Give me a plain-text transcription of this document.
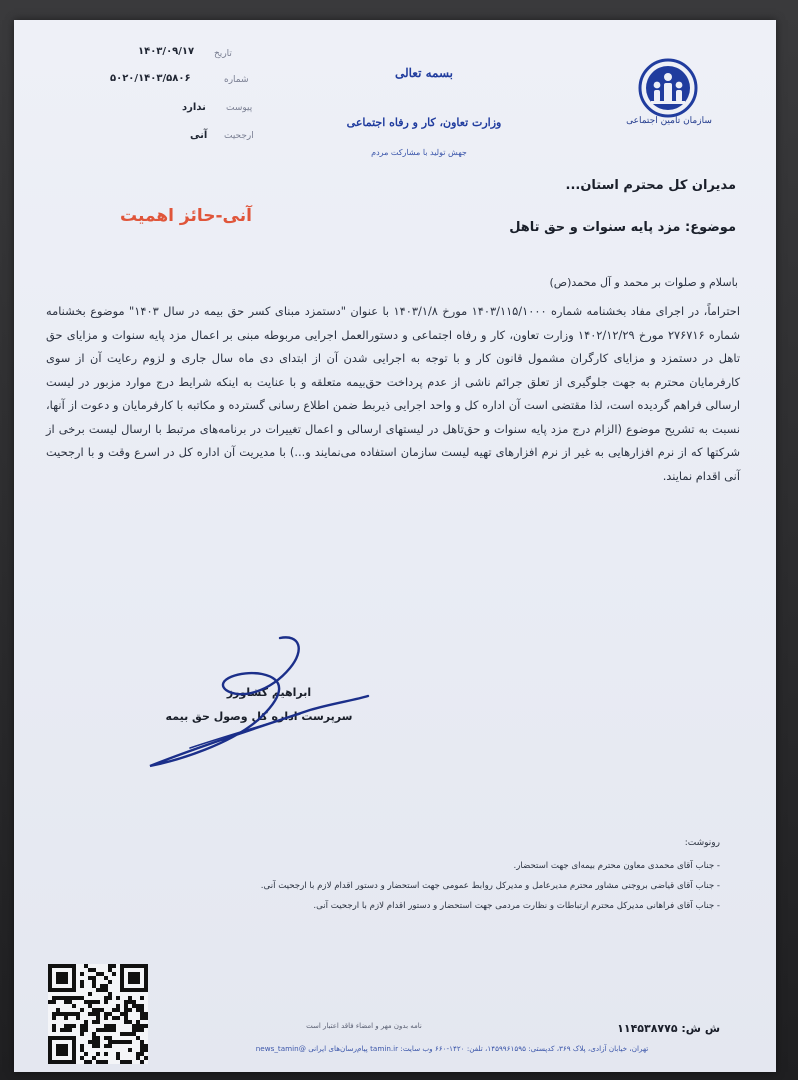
سازمان تامین اجتماعی
بسمه تعالی
وزارت تعاون، کار و رفاه اجتماعی
جهش تولید با مشارکت مردم
تاریخ
۱۴۰۳/۰۹/۱۷
شماره
۵۰۲۰/۱۴۰۳/۵۸۰۶
پیوست
ندارد
ارجحیت
آنی
مدیران کل محترم استان...
موضوع: مزد پایه سنوات و حق تاهل
آنی-حائز اهمیت
باسلام و صلوات بر محمد و آل محمد(ص)
احتراماً، در اجرای مفاد بخشنامه شماره ۱۴۰۳/۱۱۵/۱۰۰۰ مورخ ۱۴۰۳/۱/۸ با عنوان "دستمزد مبنای کسر حق بیمه در سال ۱۴۰۳" موضوع بخشنامه شماره ۲۷۶۷۱۶ مورخ ۱۴۰۲/۱۲/۲۹ وزارت تعاون، کار و رفاه اجتماعی و دستورالعمل اجرایی مربوطه مبنی بر اعمال مزد پایه سنوات و مزایای حق تاهل در دستمزد و مزایای کارگران مشمول قانون کار و با توجه به اجرایی شدن آن از ابتدای دی ماه سال جاری و لزوم رعایت آن از سوی کارفرمایان محترم به جهت جلوگیری از تعلق جرائم ناشی از عدم پرداخت حق‌بیمه متعلقه و با عنایت به اینکه شرایط درج موارد مزبور در لیست ارسالی فراهم گردیده است، لذا مقتضی است آن اداره کل و واحد اجرایی ذیربط ضمن اطلاع رسانی گسترده و مکاتبه با کارفرمایان و دعوت از آنها، نسبت به تشریح موضوع (الزام درج مزد پایه سنوات و حق‌تاهل در لیستهای ارسالی و اعمال تغییرات در برنامه‌های مرتبط با ارسال لیست برخی از شرکتها که از نرم افزارهایی به غیر از نرم افزارهای تهیه لیست سازمان استفاده می‌نمایند و...) با مدیریت آن اداره کل در اسرع وقت و با ارجحیت آنی اقدام نمایند.
ابراهیم کشاورز
سرپرست اداره کل وصول حق بیمه
رونوشت:
- جناب آقای محمدی معاون محترم بیمه‌ای جهت استحضار.
- جناب آقای قیاضی بروجنی مشاور محترم مدیرعامل و مدیرکل روابط عمومی جهت استحضار و دستور اقدام لازم با ارجحیت آنی.
- جناب آقای فراهانی مدیرکل محترم ارتباطات و نظارت مردمی جهت استحضار و دستور اقدام لازم با ارجحیت آنی.
ش ش: ۱۱۴۵۳۸۷۷۵
نامه بدون مهر و امضاء فاقد اعتبار است
تهران، خیابان آزادی، پلاک ۳۶۹، کدپستی: ۱۴۵۹۹۶۱۵۹۵، تلفن: ۱۴۲۰-۶۶۰ وب سایت: tamin.ir پیام‌رسان‌های ایرانی @news_tamin
